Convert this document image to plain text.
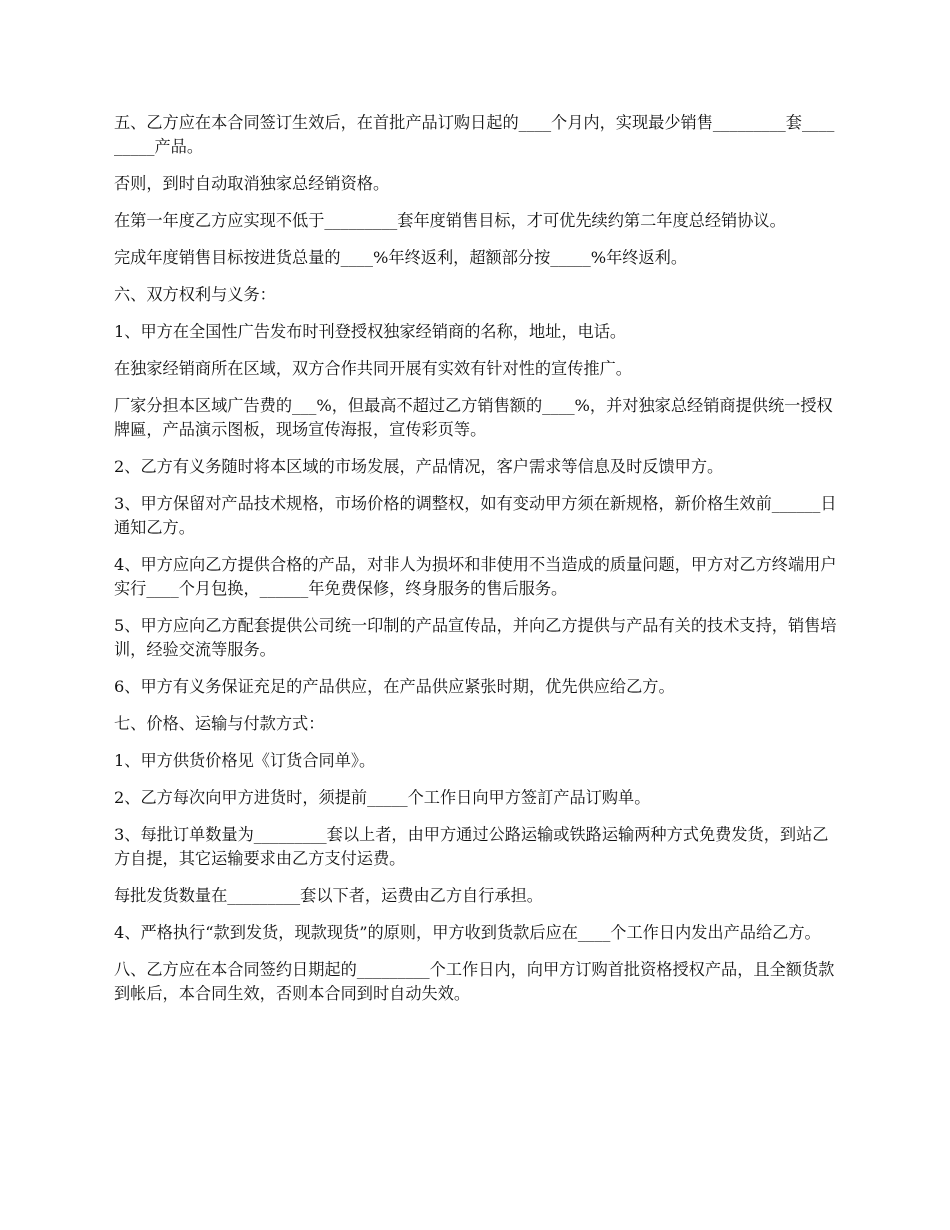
五、乙方应在本合同签订生效后，在首批产品订购日起的____个月内，实现最少销售_________套_________产品。

否则，到时自动取消独家总经销资格。

在第一年度乙方应实现不低于_________套年度销售目标，才可优先续约第二年度总经销协议。

完成年度销售目标按进货总量的____%年终返利，超额部分按_____%年终返利。

六、双方权利与义务：

1、甲方在全国性广告发布时刊登授权独家经销商的名称，地址，电话。

在独家经销商所在区域，双方合作共同开展有实效有针对性的宣传推广。

厂家分担本区域广告费的___%，但最高不超过乙方销售额的____%，并对独家总经销商提供统一授权牌匾，产品演示图板，现场宣传海报，宣传彩页等。

2、乙方有义务随时将本区域的市场发展，产品情况，客户需求等信息及时反馈甲方。

3、甲方保留对产品技术规格，市场价格的调整权，如有变动甲方须在新规格，新价格生效前______日通知乙方。

4、甲方应向乙方提供合格的产品，对非人为损坏和非使用不当造成的质量问题，甲方对乙方终端用户实行____个月包换，______年免费保修，终身服务的售后服务。

5、甲方应向乙方配套提供公司统一印制的产品宣传品，并向乙方提供与产品有关的技术支持，销售培训，经验交流等服务。

6、甲方有义务保证充足的产品供应，在产品供应紧张时期，优先供应给乙方。

七、价格、运输与付款方式：

1、甲方供货价格见《订货合同单》。

2、乙方每次向甲方进货时，须提前_____个工作日向甲方签訂产品订购单。

3、每批订单数量为_________套以上者，由甲方通过公路运输或铁路运输两种方式免费发货，到站乙方自提，其它运输要求由乙方支付运费。

每批发货数量在_________套以下者，运费由乙方自行承担。

4、严格执行“款到发货，现款现货”的原则，甲方收到货款后应在____个工作日内发出产品给乙方。

八、乙方应在本合同签约日期起的_________个工作日内，向甲方订购首批资格授权产品，且全额货款到帐后，本合同生效，否则本合同到时自动失效。
